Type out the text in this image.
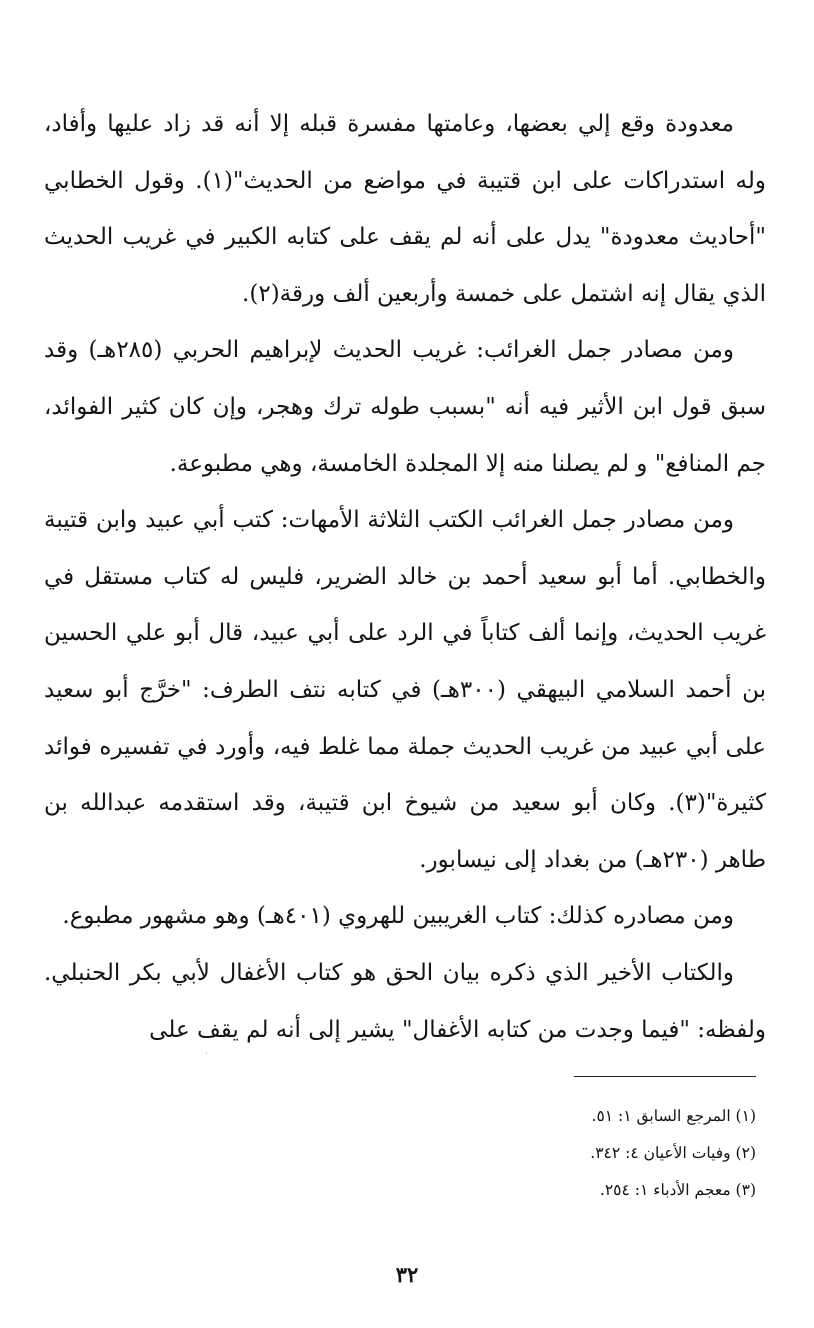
معدودة وقع إلي بعضها، وعامتها مفسرة قبله إلا أنه قد زاد عليها وأفاد، وله استدراكات على ابن قتيبة في مواضع من الحديث"(١). وقول الخطابي "أحاديث معدودة" يدل على أنه لم يقف على كتابه الكبير في غريب الحديث الذي يقال إنه اشتمل على خمسة وأربعين ألف ورقة(٢).

ومن مصادر جمل الغرائب: غريب الحديث لإبراهيم الحربي (٢٨٥هـ) وقد سبق قول ابن الأثير فيه أنه "بسبب طوله ترك وهجر، وإن كان كثير الفوائد، جم المنافع" و لم يصلنا منه إلا المجلدة الخامسة، وهي مطبوعة.

ومن مصادر جمل الغرائب الكتب الثلاثة الأمهات: كتب أبي عبيد وابن قتيبة والخطابي. أما أبو سعيد أحمد بن خالد الضرير، فليس له كتاب مستقل في غريب الحديث، وإنما ألف كتاباً في الرد على أبي عبيد، قال أبو علي الحسين بن أحمد السلامي البيهقي (٣٠٠هـ) في كتابه نتف الطرف: "خرَّج أبو سعيد على أبي عبيد من غريب الحديث جملة مما غلط فيه، وأورد في تفسيره فوائد كثيرة"(٣). وكان أبو سعيد من شيوخ ابن قتيبة، وقد استقدمه عبدالله بن طاهر (٢٣٠هـ) من بغداد إلى نيسابور.

ومن مصادره كذلك: كتاب الغريبين للهروي (٤٠١هـ) وهو مشهور مطبوع.

والكتاب الأخير الذي ذكره بيان الحق هو كتاب الأغفال لأبي بكر الحنبلي. ولفظه: "فيما وجدت من كتابه الأغفال" يشير إلى أنه لم يقف على

(١) المرجع السابق ١: ٥١.

(٢) وفيات الأعيان ٤: ٣٤٢.

(٣) معجم الأدباء ١: ٢٥٤.

٣٢
